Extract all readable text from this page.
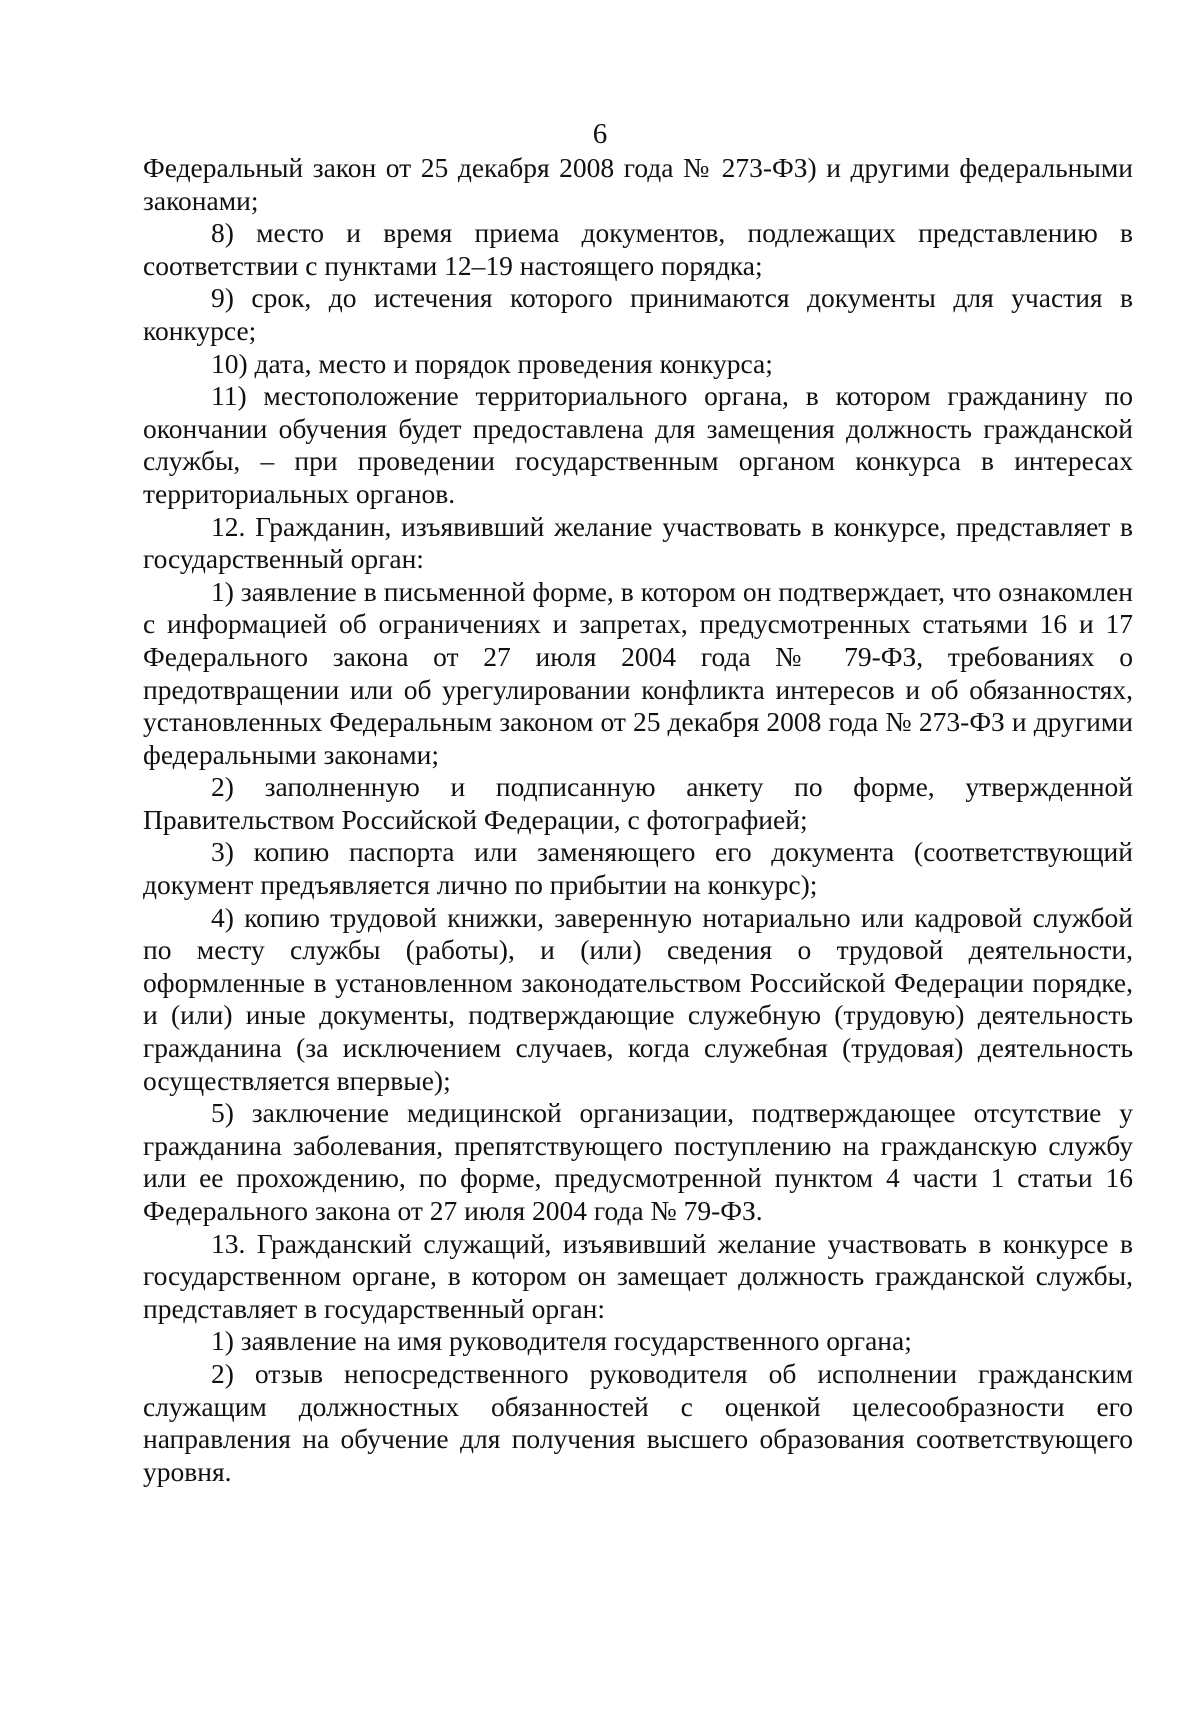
6

Федеральный закон от 25 декабря 2008 года № 273-ФЗ) и другими федеральными законами;

8) место и время приема документов, подлежащих представлению в соответствии с пунктами 12–19 настоящего порядка;

9) срок, до истечения которого принимаются документы для участия в конкурсе;

10) дата, место и порядок проведения конкурса;

11) местоположение территориального органа, в котором гражданину по окончании обучения будет предоставлена для замещения должность гражданской службы, – при проведении государственным органом конкурса в интересах территориальных органов.

12. Гражданин, изъявивший желание участвовать в конкурсе, представляет в государственный орган:

1) заявление в письменной форме, в котором он подтверждает, что ознакомлен с информацией об ограничениях и запретах, предусмотренных статьями 16 и 17 Федерального закона от 27 июля 2004 года № 79-ФЗ, требованиях о предотвращении или об урегулировании конфликта интересов и об обязанностях, установленных Федеральным законом от 25 декабря 2008 года № 273-ФЗ и другими федеральными законами;

2) заполненную и подписанную анкету по форме, утвержденной Правительством Российской Федерации, с фотографией;

3) копию паспорта или заменяющего его документа (соответствующий документ предъявляется лично по прибытии на конкурс);

4) копию трудовой книжки, заверенную нотариально или кадровой службой по месту службы (работы), и (или) сведения о трудовой деятельности, оформленные в установленном законодательством Российской Федерации порядке, и (или) иные документы, подтверждающие служебную (трудовую) деятельность гражданина (за исключением случаев, когда служебная (трудовая) деятельность осуществляется впервые);

5) заключение медицинской организации, подтверждающее отсутствие у гражданина заболевания, препятствующего поступлению на гражданскую службу или ее прохождению, по форме, предусмотренной пунктом 4 части 1 статьи 16 Федерального закона от 27 июля 2004 года № 79-ФЗ.

13. Гражданский служащий, изъявивший желание участвовать в конкурсе в государственном органе, в котором он замещает должность гражданской службы, представляет в государственный орган:

1) заявление на имя руководителя государственного органа;

2) отзыв непосредственного руководителя об исполнении гражданским служащим должностных обязанностей с оценкой целесообразности его направления на обучение для получения высшего образования соответствующего уровня.
